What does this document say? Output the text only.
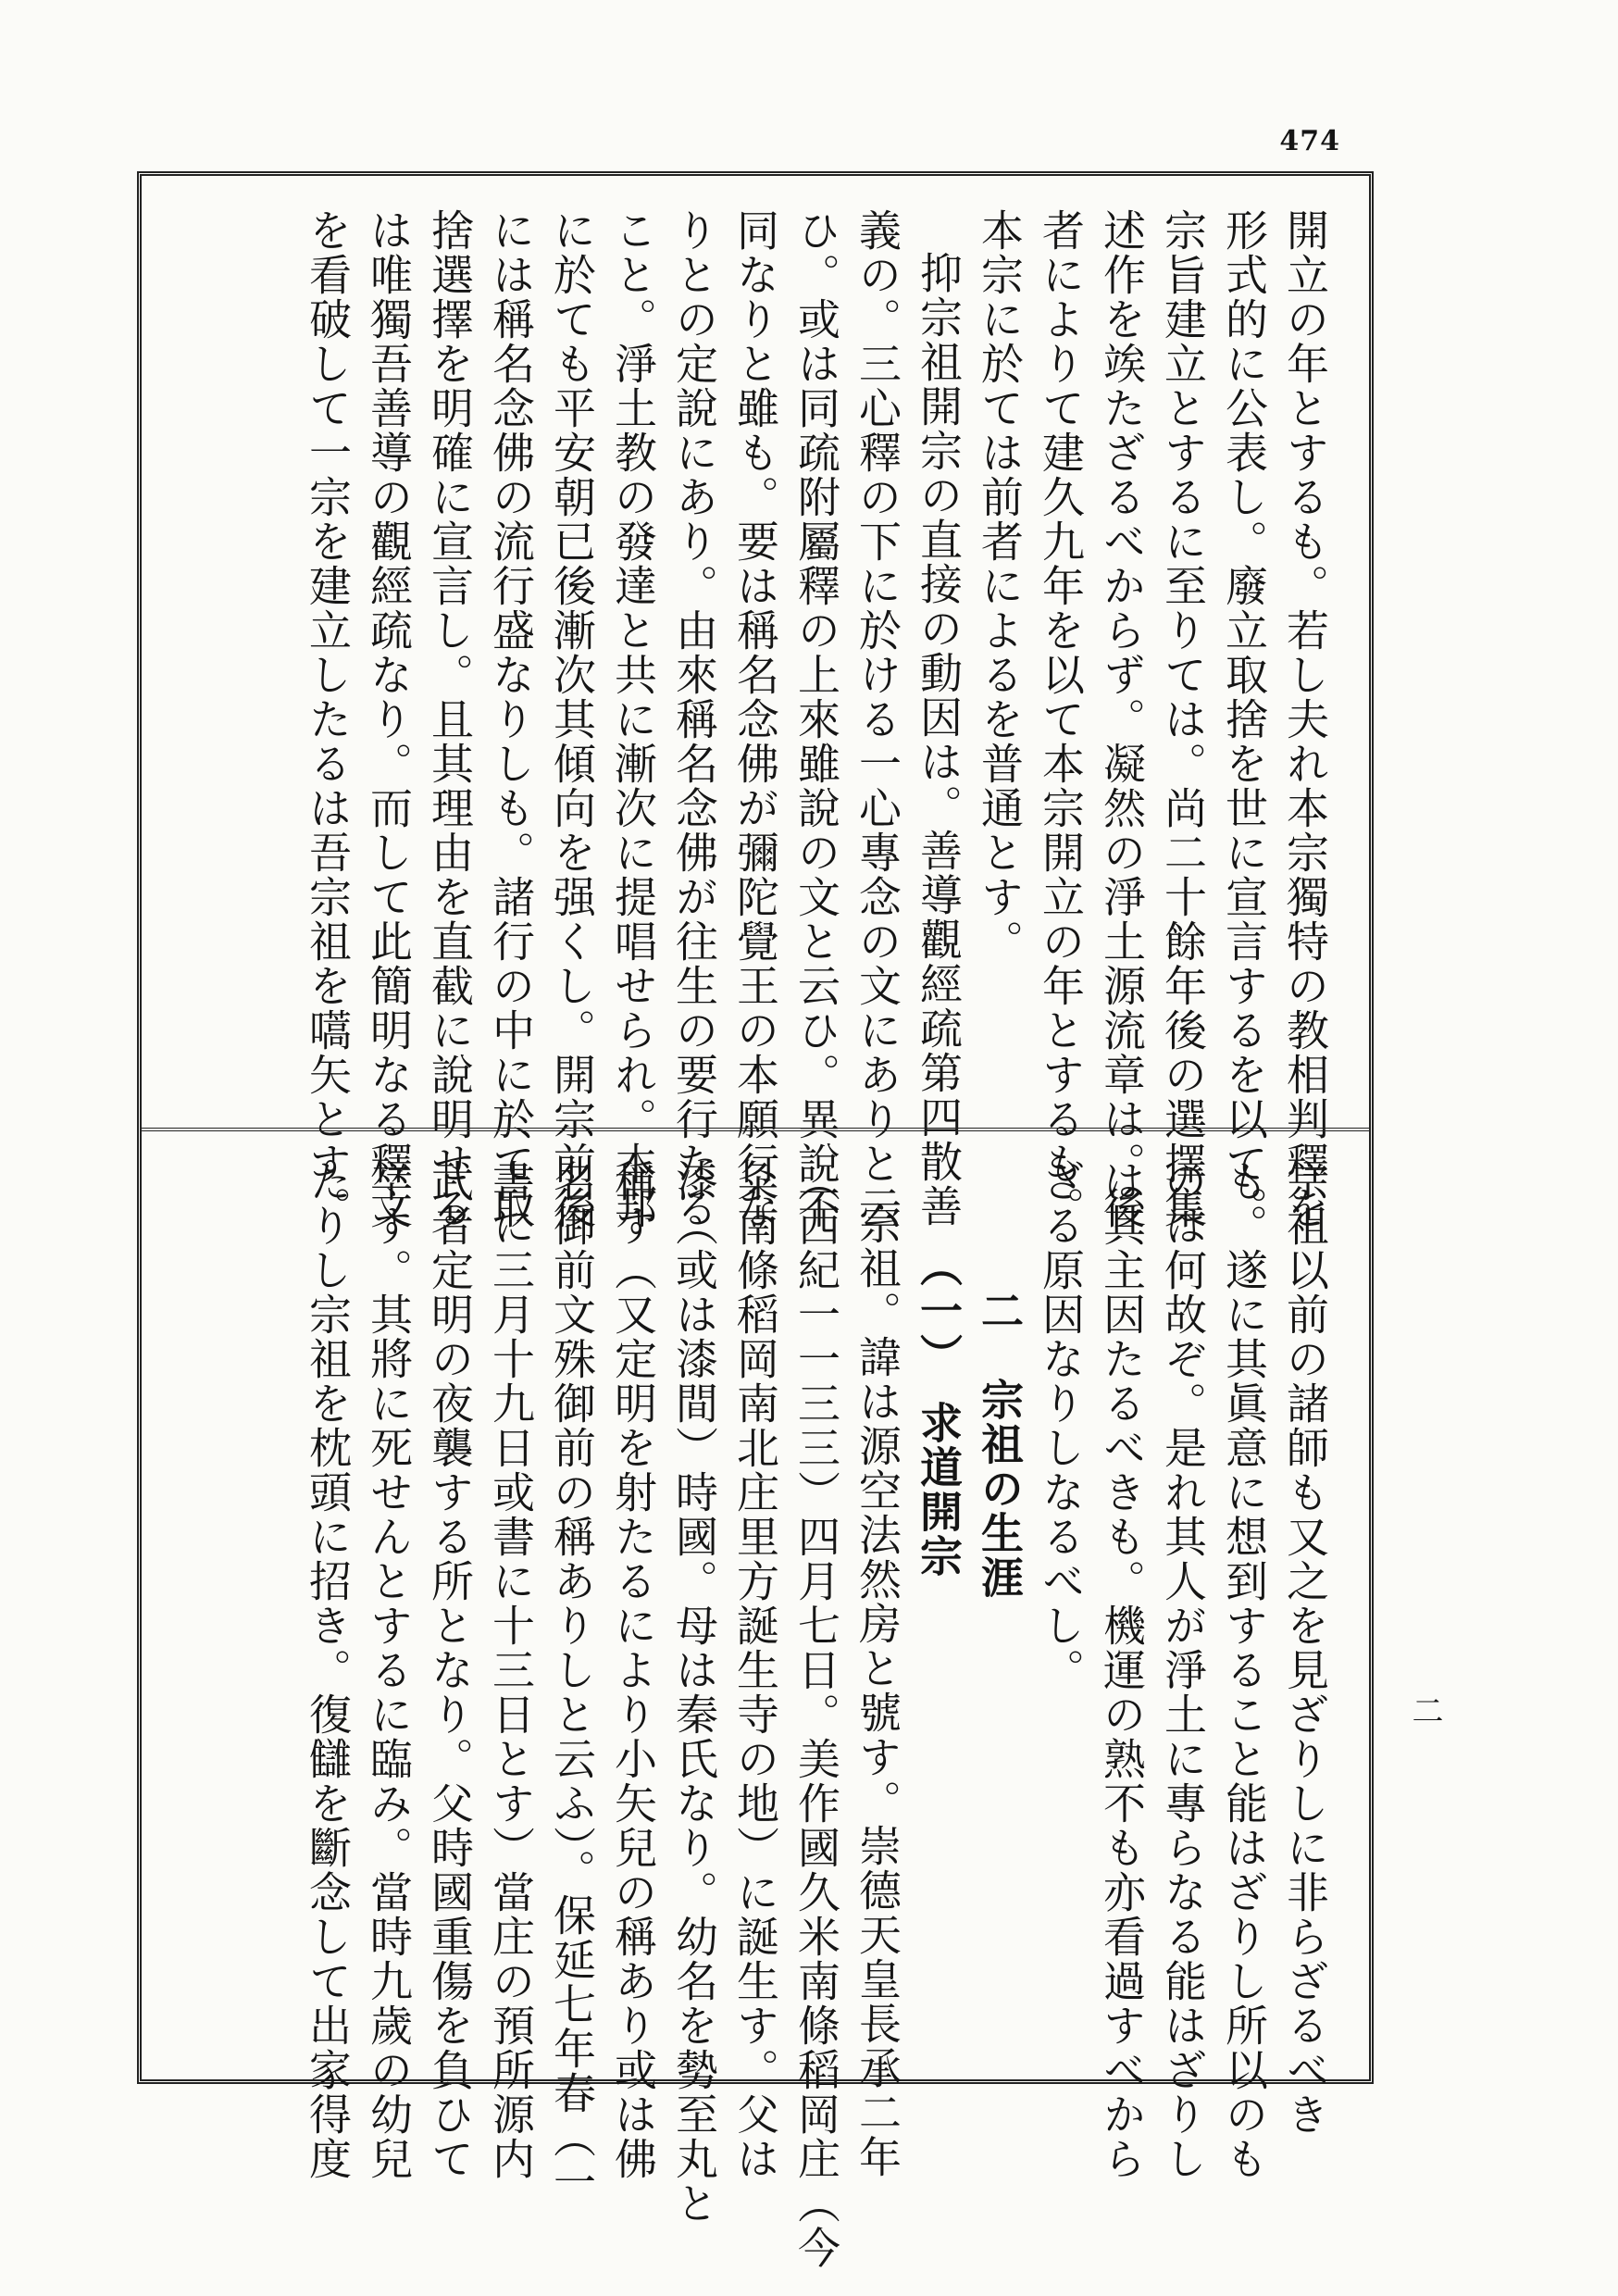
474
開立の年とするも。若し夫れ本宗獨特の教相判釋を
形式的に公表し。廢立取捨を世に宣言するを以て。
宗旨建立とするに至りては。尚二十餘年後の選擇集
述作を竢たざるべからず。凝然の淨土源流章は。後
者によりて建久九年を以て本宗開立の年とするも。
本宗に於ては前者によるを普通とす。
抑宗祖開宗の直接の動因は。善導觀經疏第四散善
義の。三心釋の下に於ける一心專念の文にありと云
ひ。或は同疏附屬釋の上來雖說の文と云ひ。異說不
同なりと雖も。要は稱名念佛が彌陀覺王の本願行な
りとの定說にあり。由來稱名念佛が往生の要行たる
こと。淨土教の發達と共に漸次に提唱せられ。本邦
に於ても平安朝已後漸次其傾向を强くし。開宗前後
には稱名念佛の流行盛なりしも。諸行の中に於て取
捨選擇を明確に宣言し。且其理由を直截に說明せる
は唯獨吾善導の觀經疏なり。而して此簡明なる釋文
を看破して一宗を建立したるは吾宗祖を嚆矢とす。
宗祖以前の諸師も又之を見ざりしに非らざるべき
も。遂に其眞意に想到すること能はざりし所以のも
のは何故ぞ。是れ其人が淨土に專らなる能はざりし
は其主因たるべきも。機運の熟不も亦看過すべから
ざる原因なりしなるべし。
二　宗祖の生涯
（一）　求道開宗
宗祖。諱は源空法然房と號す。崇德天皇長承二年
（西紀一一三三）四月七日。美作國久米南條稻岡庄（今
粂南條稻岡南北庄里方誕生寺の地）に誕生す。父は
漆（或は漆間）時國。母は秦氏なり。幼名を勢至丸と
稱す（又定明を射たるにより小矢兒の稱あり或は佛
名御前文殊御前の稱ありしと云ふ）。保延七年春（一
書に三月十九日或書に十三日とす）當庄の預所源内
武者定明の夜襲する所となり。父時國重傷を負ひて
卒す。其將に死せんとするに臨み。當時九歲の幼兒
たりし宗祖を枕頭に招き。復讎を斷念して出家得度	二
